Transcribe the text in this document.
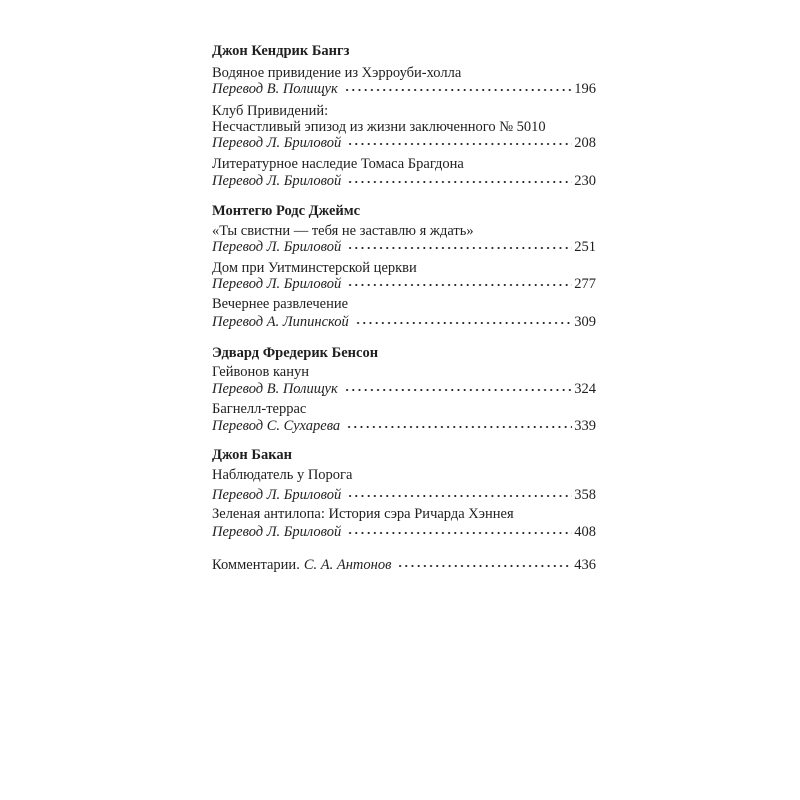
Джон Кендрик Бангз
Водяное привидение из Хэрроуби-холла
Перевод В. Полищук	196
Клуб Привидений:
Несчастливый эпизод из жизни заключенного № 5010
Перевод Л. Бриловой	208
Литературное наследие Томаса Брагдона
Перевод Л. Бриловой	230
Монтегю Родс Джеймс
«Ты свистни — тебя не заставлю я ждать»
Перевод Л. Бриловой	251
Дом при Уитминстерской церкви
Перевод Л. Бриловой	277
Вечернее развлечение
Перевод А. Липинской	309
Эдвард Фредерик Бенсон
Гейвонов канун
Перевод В. Полищук	324
Багнелл-террас
Перевод С. Сухарева	339
Джон Бакан
Наблюдатель у Порога
Перевод Л. Бриловой	358
Зеленая антилопа: История сэра Ричарда Хэннея
Перевод Л. Бриловой	408
Комментарии. С. А. Антонов	436
